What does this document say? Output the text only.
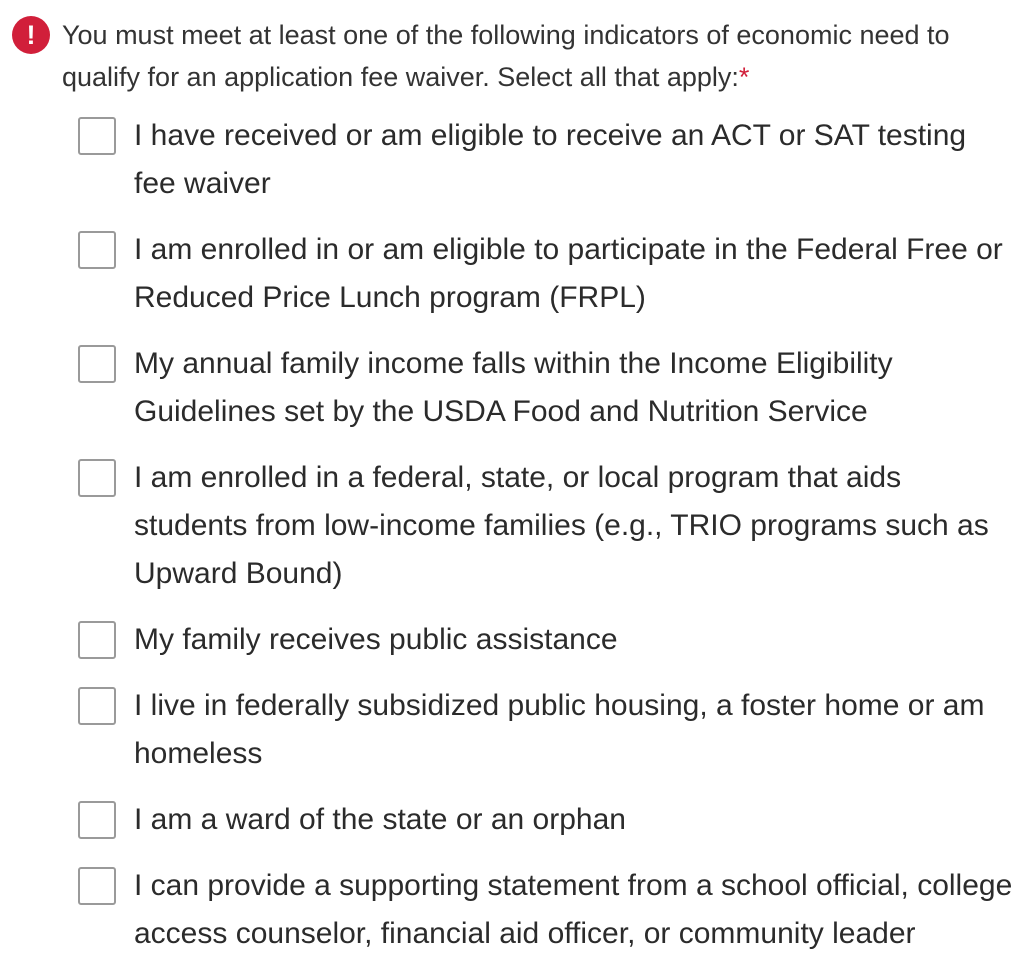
! You must meet at least one of the following indicators of economic need to qualify for an application fee waiver. Select all that apply:*
I have received or am eligible to receive an ACT or SAT testing fee waiver
I am enrolled in or am eligible to participate in the Federal Free or Reduced Price Lunch program (FRPL)
My annual family income falls within the Income Eligibility Guidelines set by the USDA Food and Nutrition Service
I am enrolled in a federal, state, or local program that aids students from low-income families (e.g., TRIO programs such as Upward Bound)
My family receives public assistance
I live in federally subsidized public housing, a foster home or am homeless
I am a ward of the state or an orphan
I can provide a supporting statement from a school official, college access counselor, financial aid officer, or community leader
